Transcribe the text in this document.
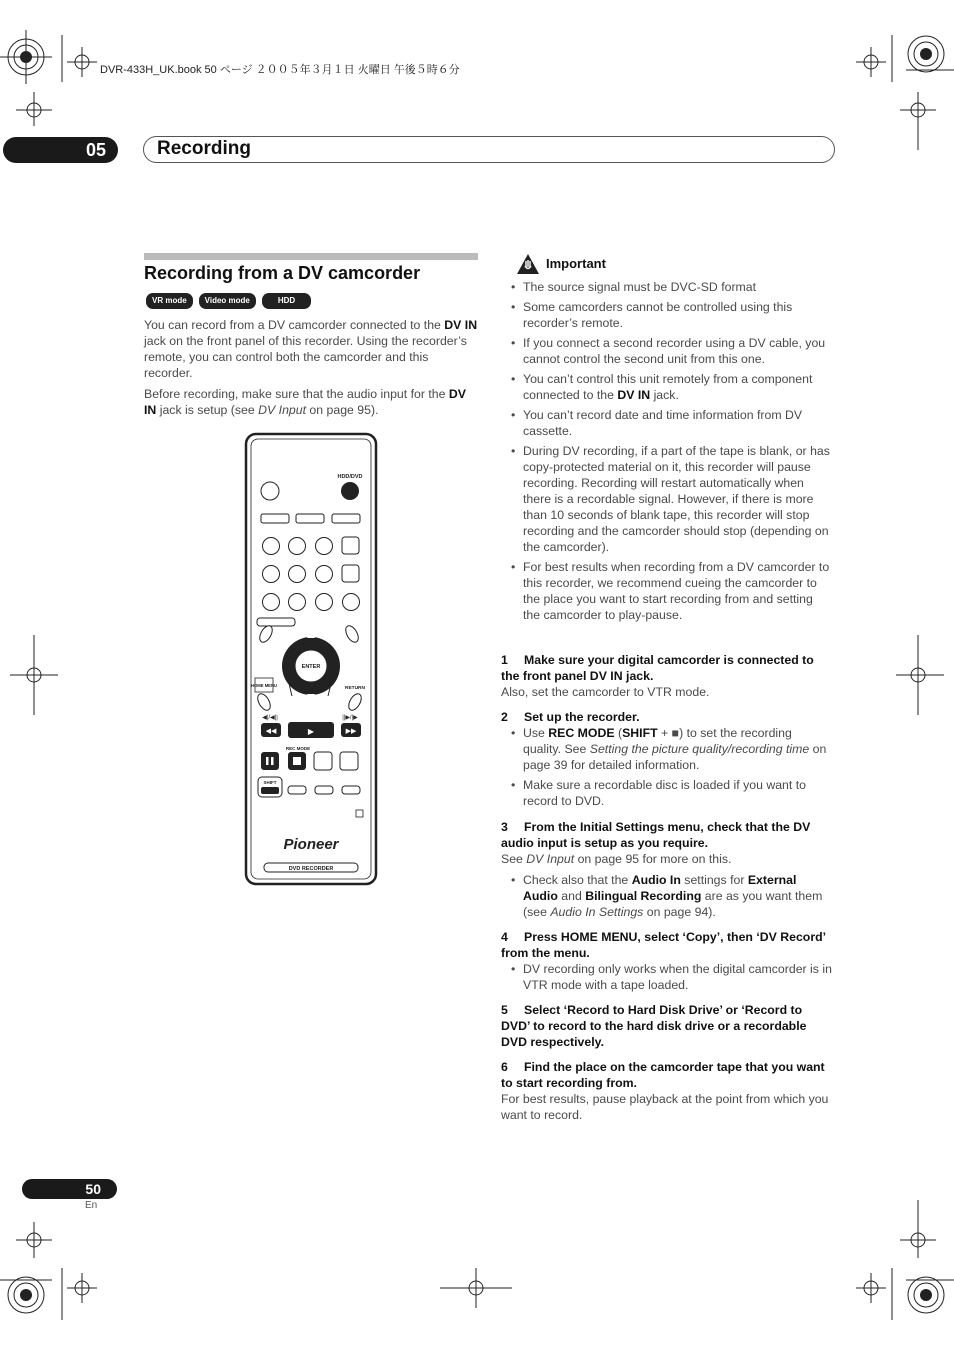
DVR-433H_UK.book 50 ページ ２００５年３月１日 火曜日 午後５時６分
05	Recording
Recording from a DV camcorder
VR mode	Video mode	HDD
You can record from a DV camcorder connected to the DV IN jack on the front panel of this recorder. Using the recorder’s remote, you can control both the camcorder and this recorder.
Before recording, make sure that the audio input for the DV IN jack is setup (see DV Input on page 95).
HDD/DVD
ENTER
HOME MENU
RETURN
◀|/◀||	||▶/|▶
◀◀	▶	▶▶
REC MODE
SHIFT
Pioneer
DVD RECORDER
Important
• The source signal must be DVC-SD format
• Some camcorders cannot be controlled using this recorder’s remote.
• If you connect a second recorder using a DV cable, you cannot control the second unit from this one.
• You can’t control this unit remotely from a component connected to the DV IN jack.
• You can’t record date and time information from DV cassette.
• During DV recording, if a part of the tape is blank, or has copy-protected material on it, this recorder will pause recording. Recording will restart automatically when there is a recordable signal. However, if there is more than 10 seconds of blank tape, this recorder will stop recording and the camcorder should stop (depending on the camcorder).
• For best results when recording from a DV camcorder to this recorder, we recommend cueing the camcorder to the place you want to start recording from and setting the camcorder to play-pause.
1 Make sure your digital camcorder is connected to the front panel DV IN jack.
Also, set the camcorder to VTR mode.
2 Set up the recorder.
• Use REC MODE (SHIFT + ■) to set the recording quality. See Setting the picture quality/recording time on page 39 for detailed information.
• Make sure a recordable disc is loaded if you want to record to DVD.
3 From the Initial Settings menu, check that the DV audio input is setup as you require.
See DV Input on page 95 for more on this.
• Check also that the Audio In settings for External Audio and Bilingual Recording are as you want them (see Audio In Settings on page 94).
4 Press HOME MENU, select ‘Copy’, then ‘DV Record’ from the menu.
• DV recording only works when the digital camcorder is in VTR mode with a tape loaded.
5 Select ‘Record to Hard Disk Drive’ or ‘Record to DVD’ to record to the hard disk drive or a recordable DVD respectively.
6 Find the place on the camcorder tape that you want to start recording from.
For best results, pause playback at the point from which you want to record.
50
En
